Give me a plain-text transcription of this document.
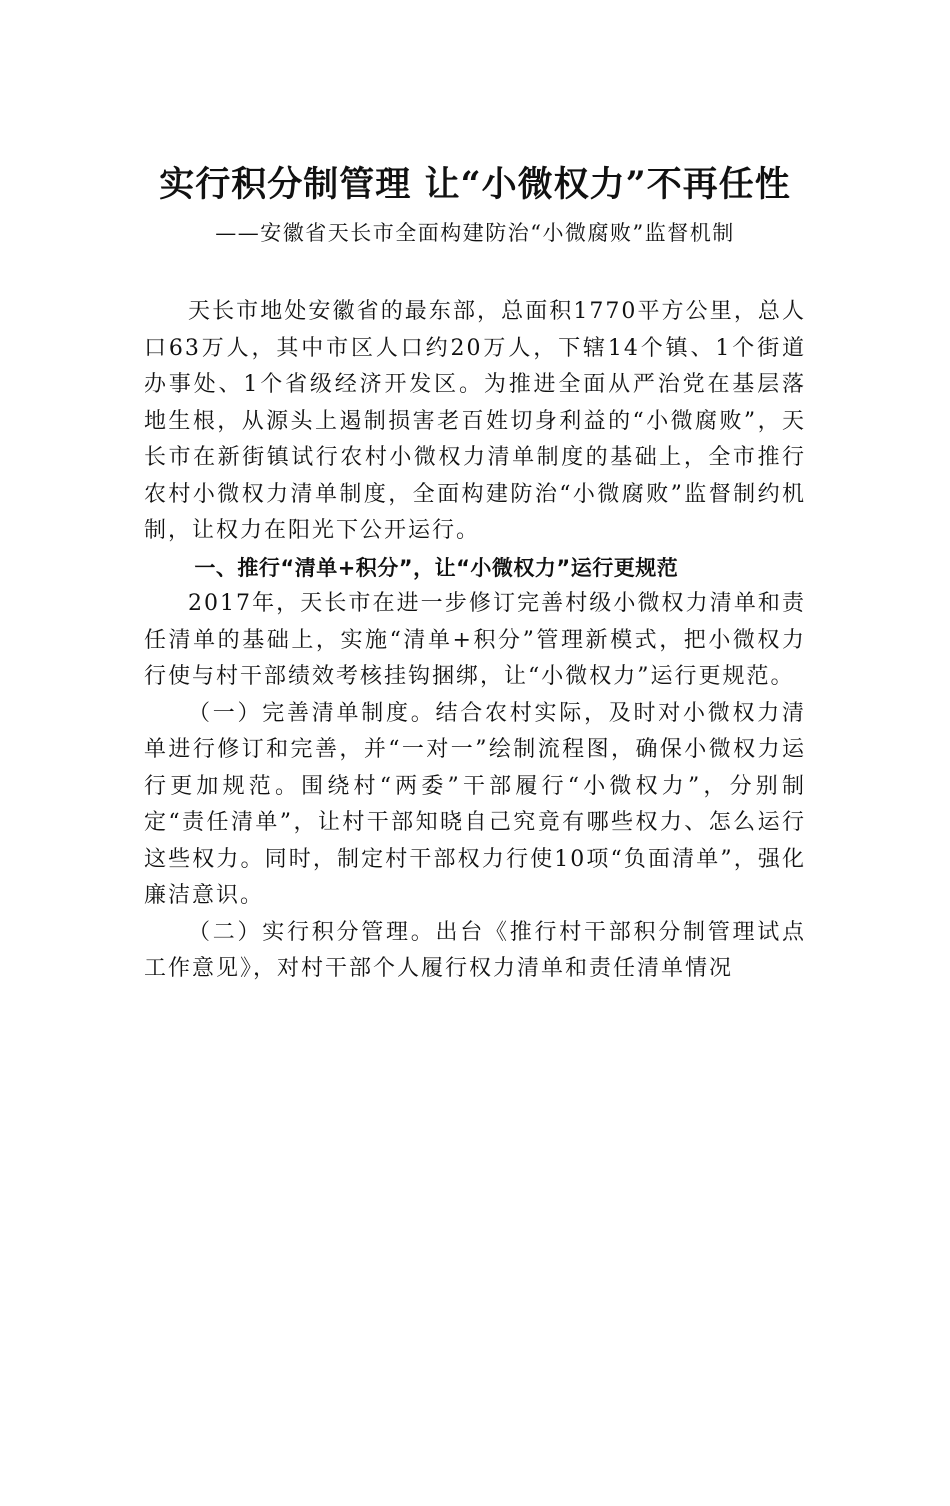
实行积分制管理 让“小微权力”不再任性
——安徽省天长市全面构建防治“小微腐败”监督机制

天长市地处安徽省的最东部，总面积1770平方公里，总人口63万人，其中市区人口约20万人，下辖14个镇、1个街道办事处、1个省级经济开发区。为推进全面从严治党在基层落地生根，从源头上遏制损害老百姓切身利益的“小微腐败”，天长市在新街镇试行农村小微权力清单制度的基础上，全市推行农村小微权力清单制度，全面构建防治“小微腐败”监督制约机制，让权力在阳光下公开运行。

一、推行“清单+积分”，让“小微权力”运行更规范

2017年，天长市在进一步修订完善村级小微权力清单和责任清单的基础上，实施“清单+积分”管理新模式，把小微权力行使与村干部绩效考核挂钩捆绑，让“小微权力”运行更规范。

（一）完善清单制度。结合农村实际，及时对小微权力清单进行修订和完善，并“一对一”绘制流程图，确保小微权力运行更加规范。围绕村“两委”干部履行“小微权力”，分别制定“责任清单”，让村干部知晓自己究竟有哪些权力、怎么运行这些权力。同时，制定村干部权力行使10项“负面清单”，强化廉洁意识。

（二）实行积分管理。出台《推行村干部积分制管理试点工作意见》，对村干部个人履行权力清单和责任清单情况
